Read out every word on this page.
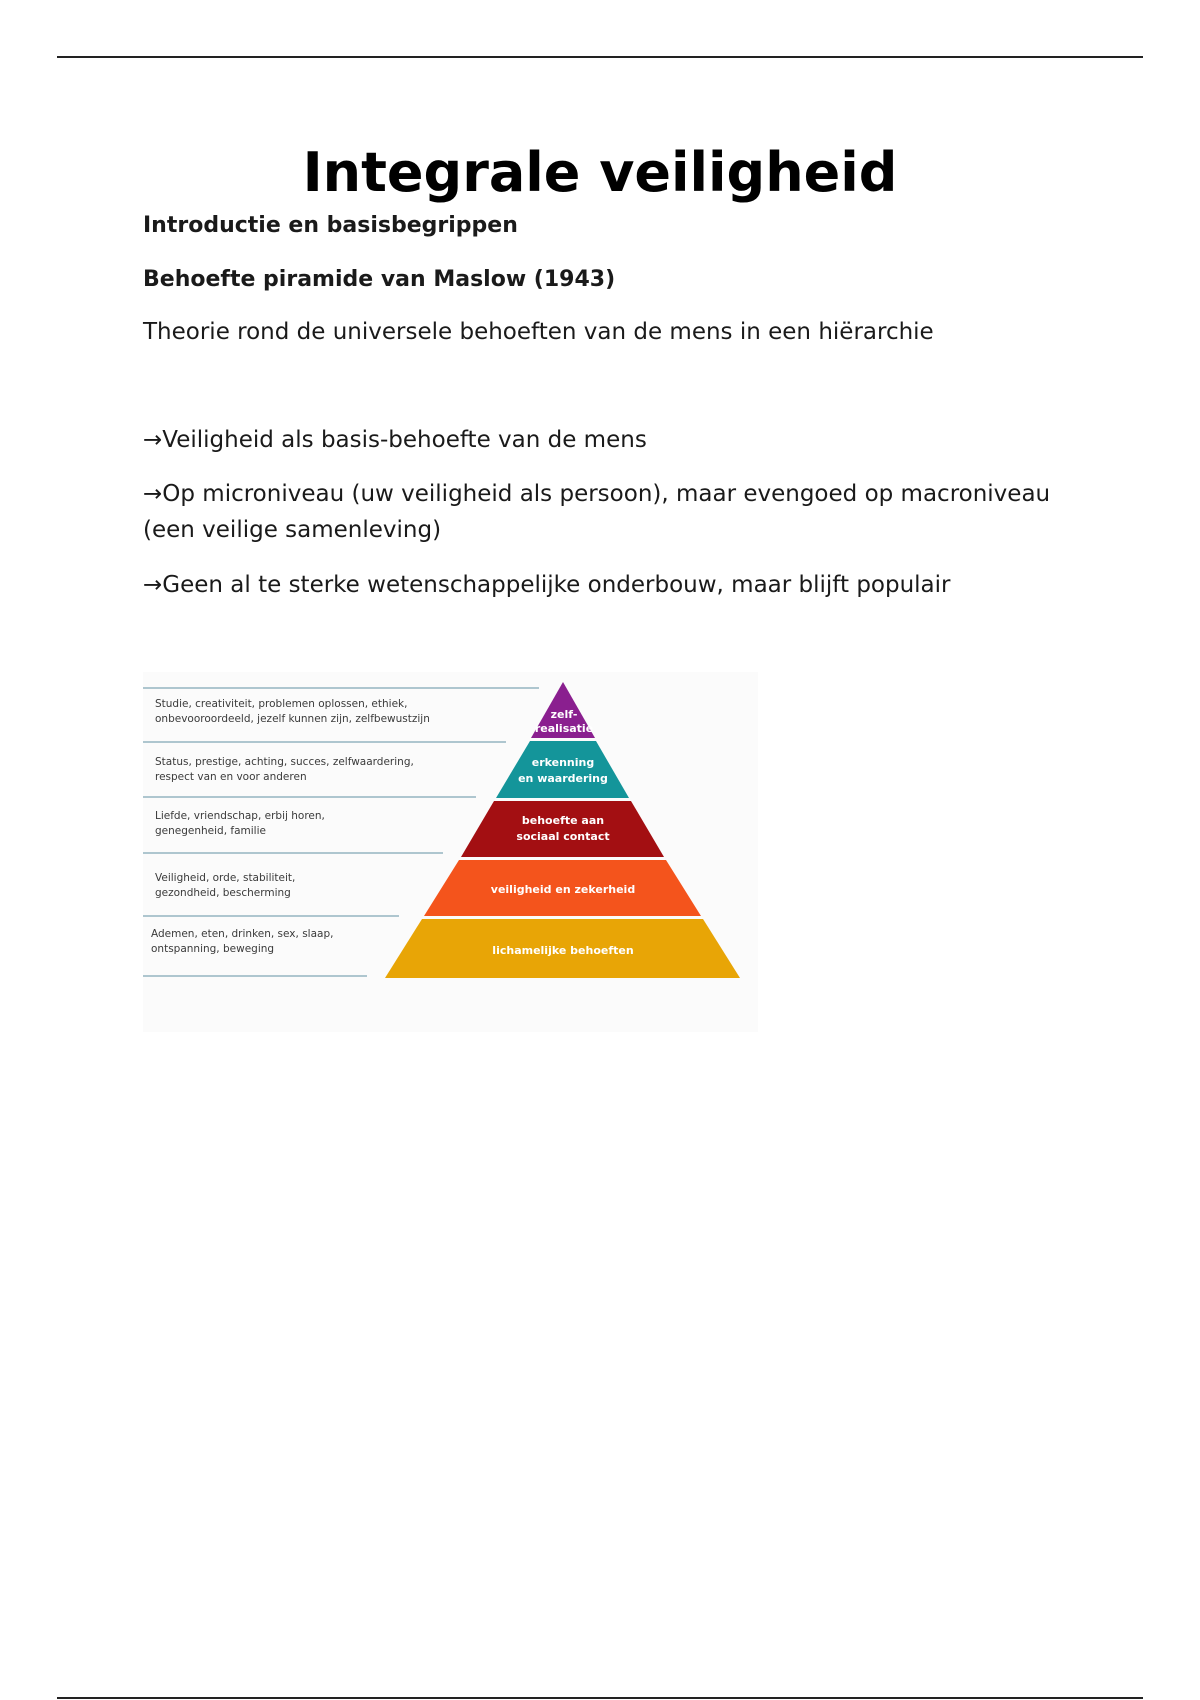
Integrale veiligheid
Introductie en basisbegrippen
Behoefte piramide van Maslow (1943)
Theorie rond de universele behoeften van de mens in een hiërarchie
→Veiligheid als basis-behoefte van de mens
→Op microniveau (uw veiligheid als persoon), maar evengoed op macroniveau (een veilige samenleving)
→Geen al te sterke wetenschappelijke onderbouw, maar blijft populair
zelf-
realisatie
erkenning
en waardering
behoefte aan
sociaal contact
veiligheid en zekerheid
lichamelijke behoeften
Studie, creativiteit, problemen oplossen, ethiek,
onbevooroordeeld, jezelf kunnen zijn, zelfbewustzijn
Status, prestige, achting, succes, zelfwaardering,
respect van en voor anderen
Liefde, vriendschap, erbij horen,
genegenheid, familie
Veiligheid, orde, stabiliteit,
gezondheid, bescherming
Ademen, eten, drinken, sex, slaap,
ontspanning, beweging
